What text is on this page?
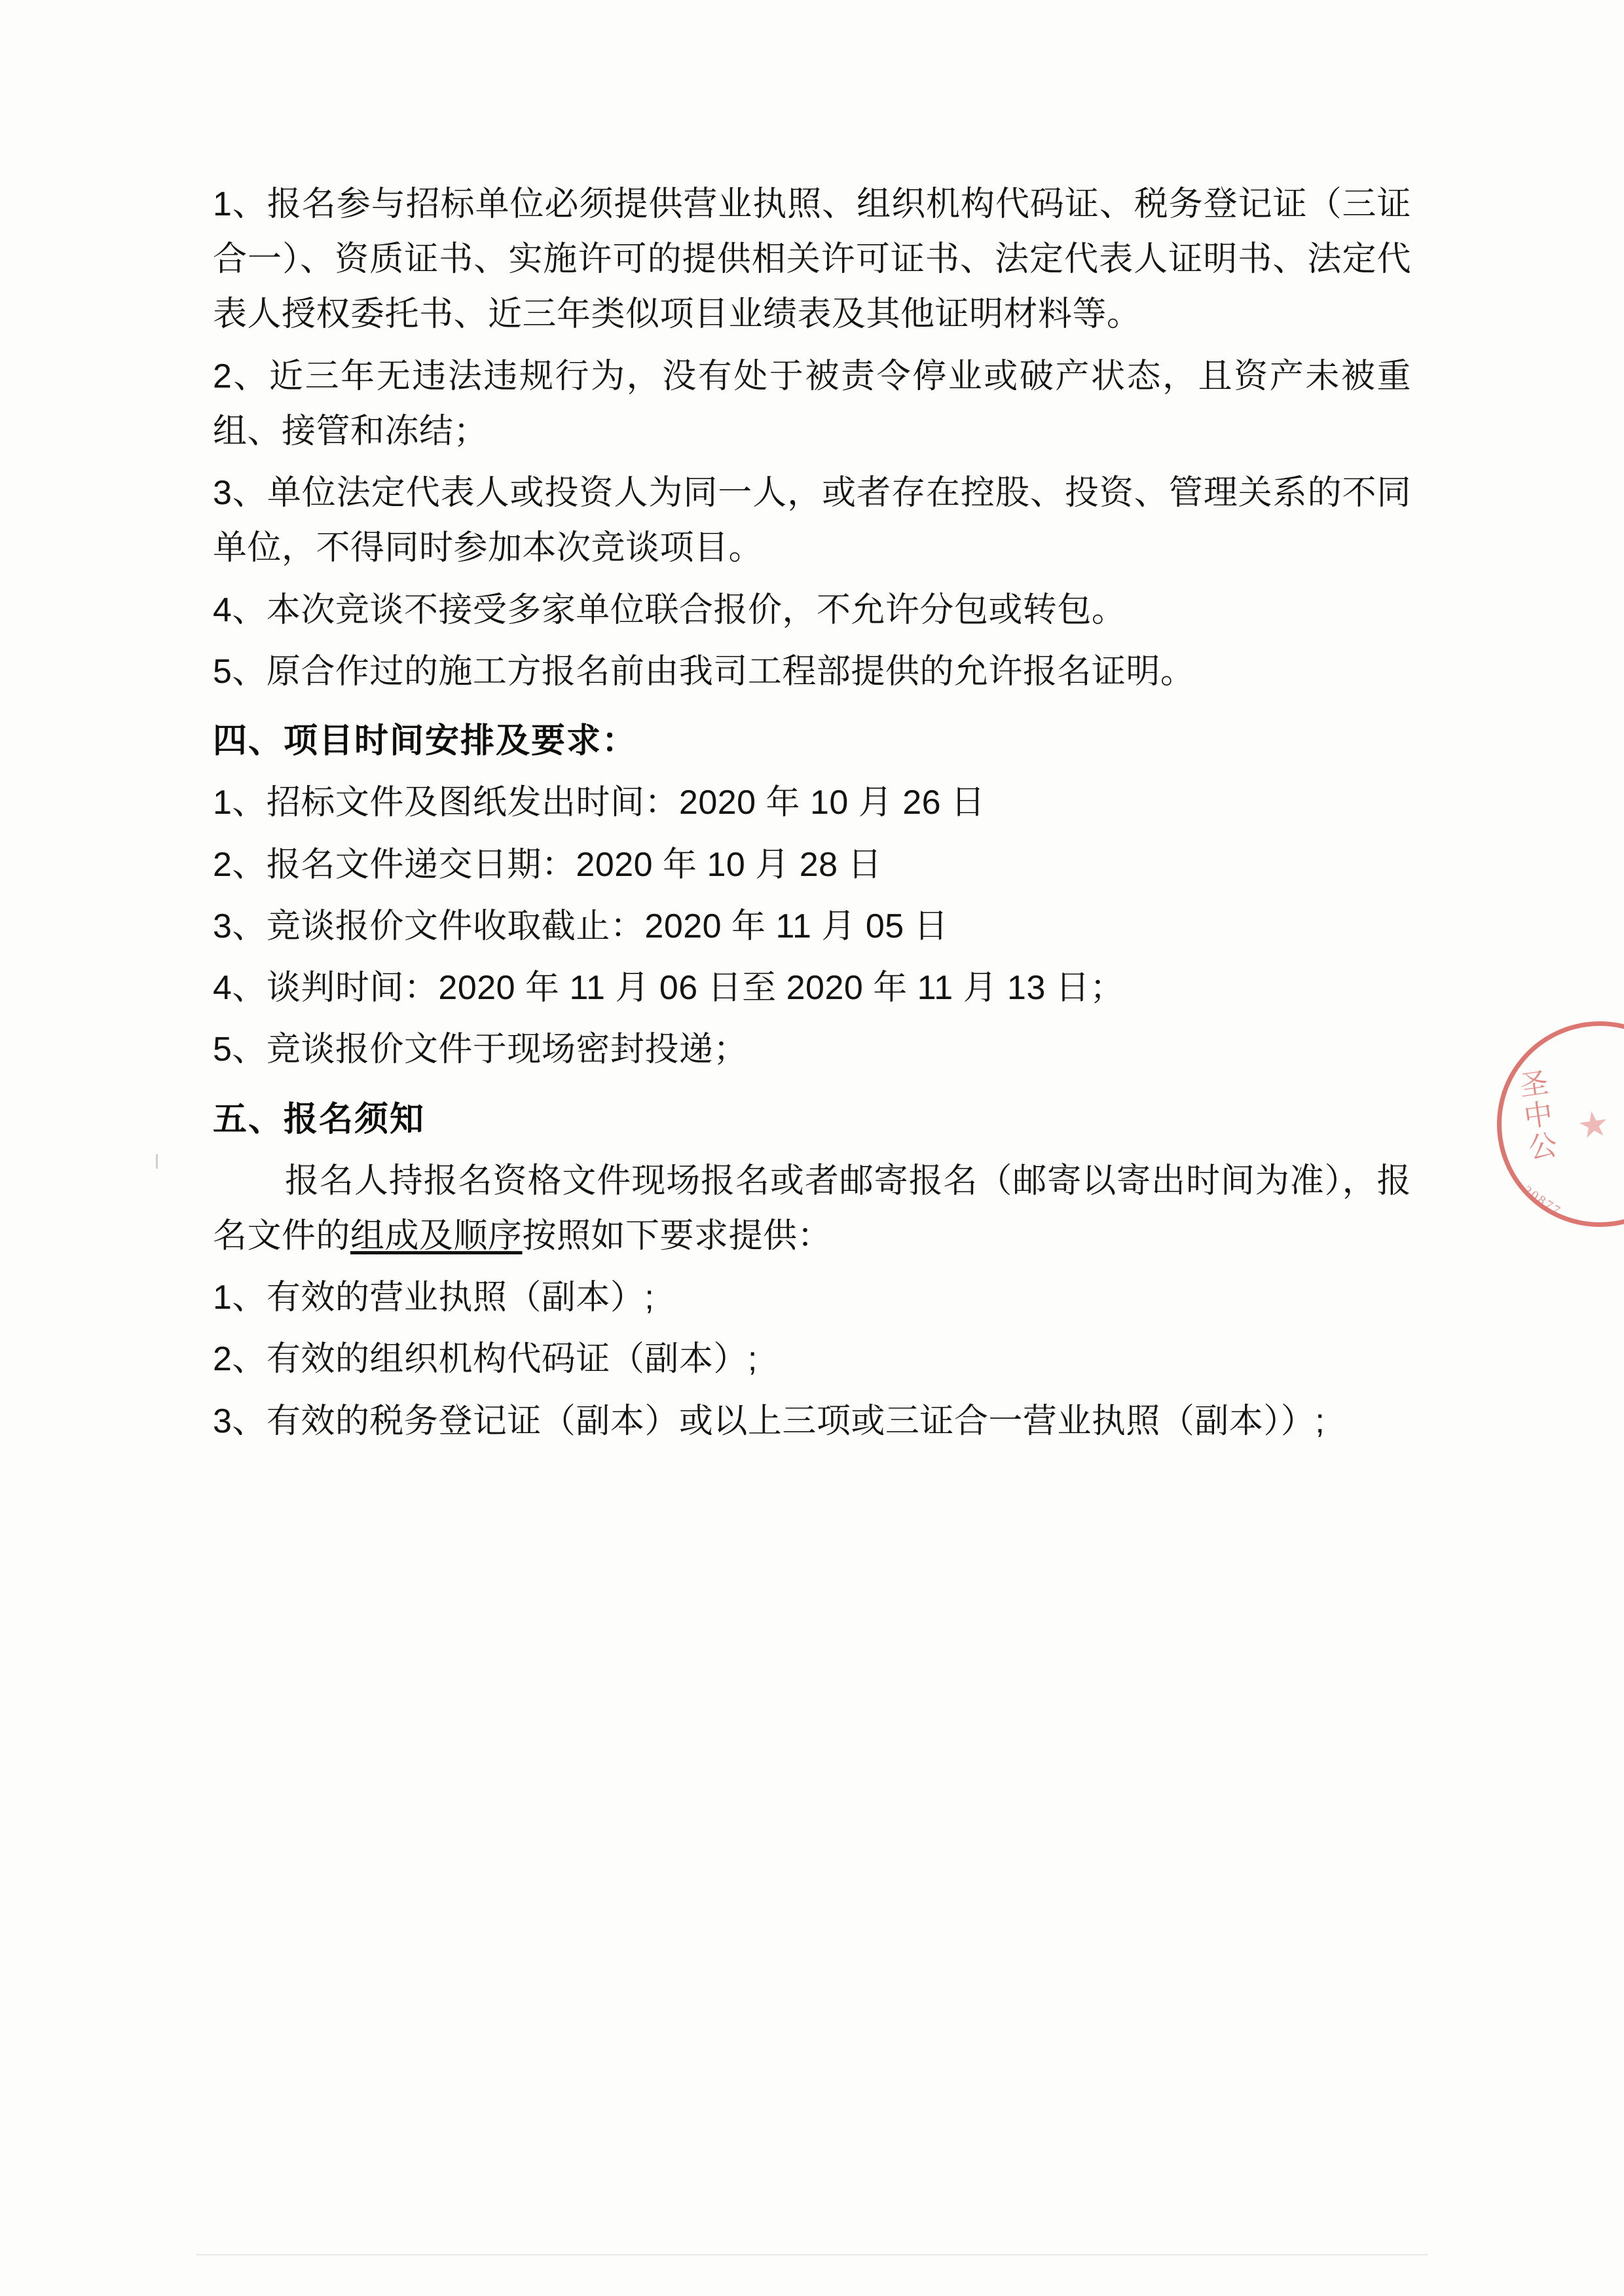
1、报名参与招标单位必须提供营业执照、组织机构代码证、税务登记证（三证合一）、资质证书、实施许可的提供相关许可证书、法定代表人证明书、法定代表人授权委托书、近三年类似项目业绩表及其他证明材料等。

2、近三年无违法违规行为，没有处于被责令停业或破产状态，且资产未被重组、接管和冻结；

3、单位法定代表人或投资人为同一人，或者存在控股、投资、管理关系的不同单位，不得同时参加本次竞谈项目。

4、本次竞谈不接受多家单位联合报价，不允许分包或转包。

5、原合作过的施工方报名前由我司工程部提供的允许报名证明。

四、项目时间安排及要求：

1、招标文件及图纸发出时间：2020 年 10 月 26 日

2、报名文件递交日期：2020 年 10 月 28 日

3、竞谈报价文件收取截止：2020 年 11 月 05 日

4、谈判时间：2020 年 11 月 06 日至 2020 年 11 月 13 日；

5、竞谈报价文件于现场密封投递；

五、报名须知

报名人持报名资格文件现场报名或者邮寄报名（邮寄以寄出时间为准），报名文件的组成及顺序按照如下要求提供：

1、有效的营业执照（副本）;

2、有效的组织机构代码证（副本）;

3、有效的税务登记证（副本）或以上三项或三证合一营业执照（副本））;

圣中公 ★
20877
